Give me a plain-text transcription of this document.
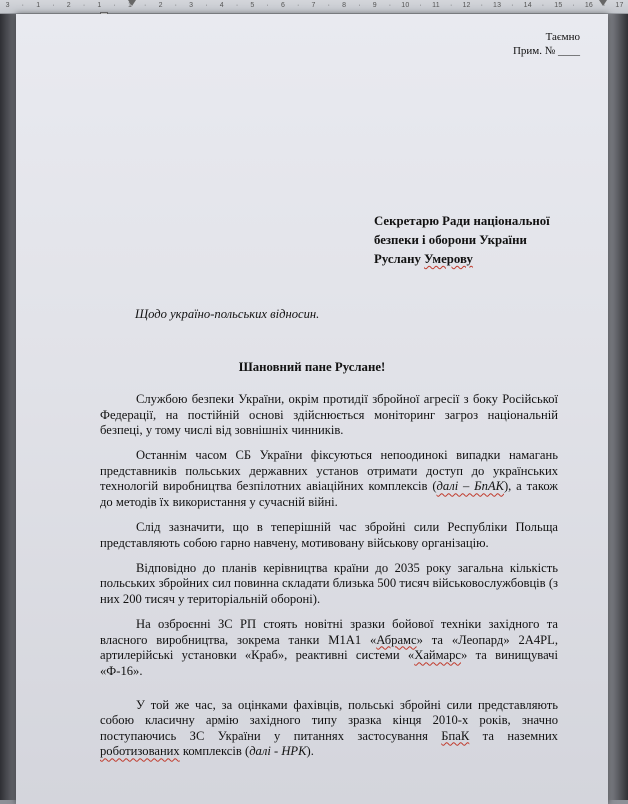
3 · 1 · 2 · 1 · 1 · 2 · 3 · 4 · 5 · 6 · 7 · 8 · 9 · 10 · 11 · 12 · 13 · 14 · 15 · 16 · 17
Таємно
Прим. № ____
Секретарю Ради національної
безпеки і оборони України
Руслану Умерову
Щодо україно-польських відносин.
Шановний пане Руслане!

Службою безпеки України, окрім протидії збройної агресії з боку Російської Федерації, на постійній основі здійснюється моніторинг загроз національній безпеці, у тому числі від зовнішніх чинників.

Останнім часом СБ України фіксуються непоодинокі випадки намагань представників польських державних установ отримати доступ до українських технологій виробництва безпілотних авіаційних комплексів (далі – БпАК), а також до методів їх використання у сучасній війні.

Слід зазначити, що в теперішній час збройні сили Республіки Польща представляють собою гарно навчену, мотивовану військову організацію.

Відповідно до планів керівництва країни до 2035 року загальна кількість польських збройних сил повинна складати близька 500 тисяч військовослужбовців (з них 200 тисяч у територіальній обороні).

На озброєнні ЗС РП стоять новітні зразки бойової техніки західного та власного виробництва, зокрема танки М1А1 «Абрамс» та «Леопард» 2А4PL, артилерійські установки «Краб», реактивні системи «Хаймарс» та винищувачі «Ф-16».

У той же час, за оцінками фахівців, польські збройні сили представляють собою класичну армію західного типу зразка кінця 2010-х років, значно поступаючись ЗС України у питаннях застосування БпаК та наземних роботизованих комплексів (далі - НРК).
